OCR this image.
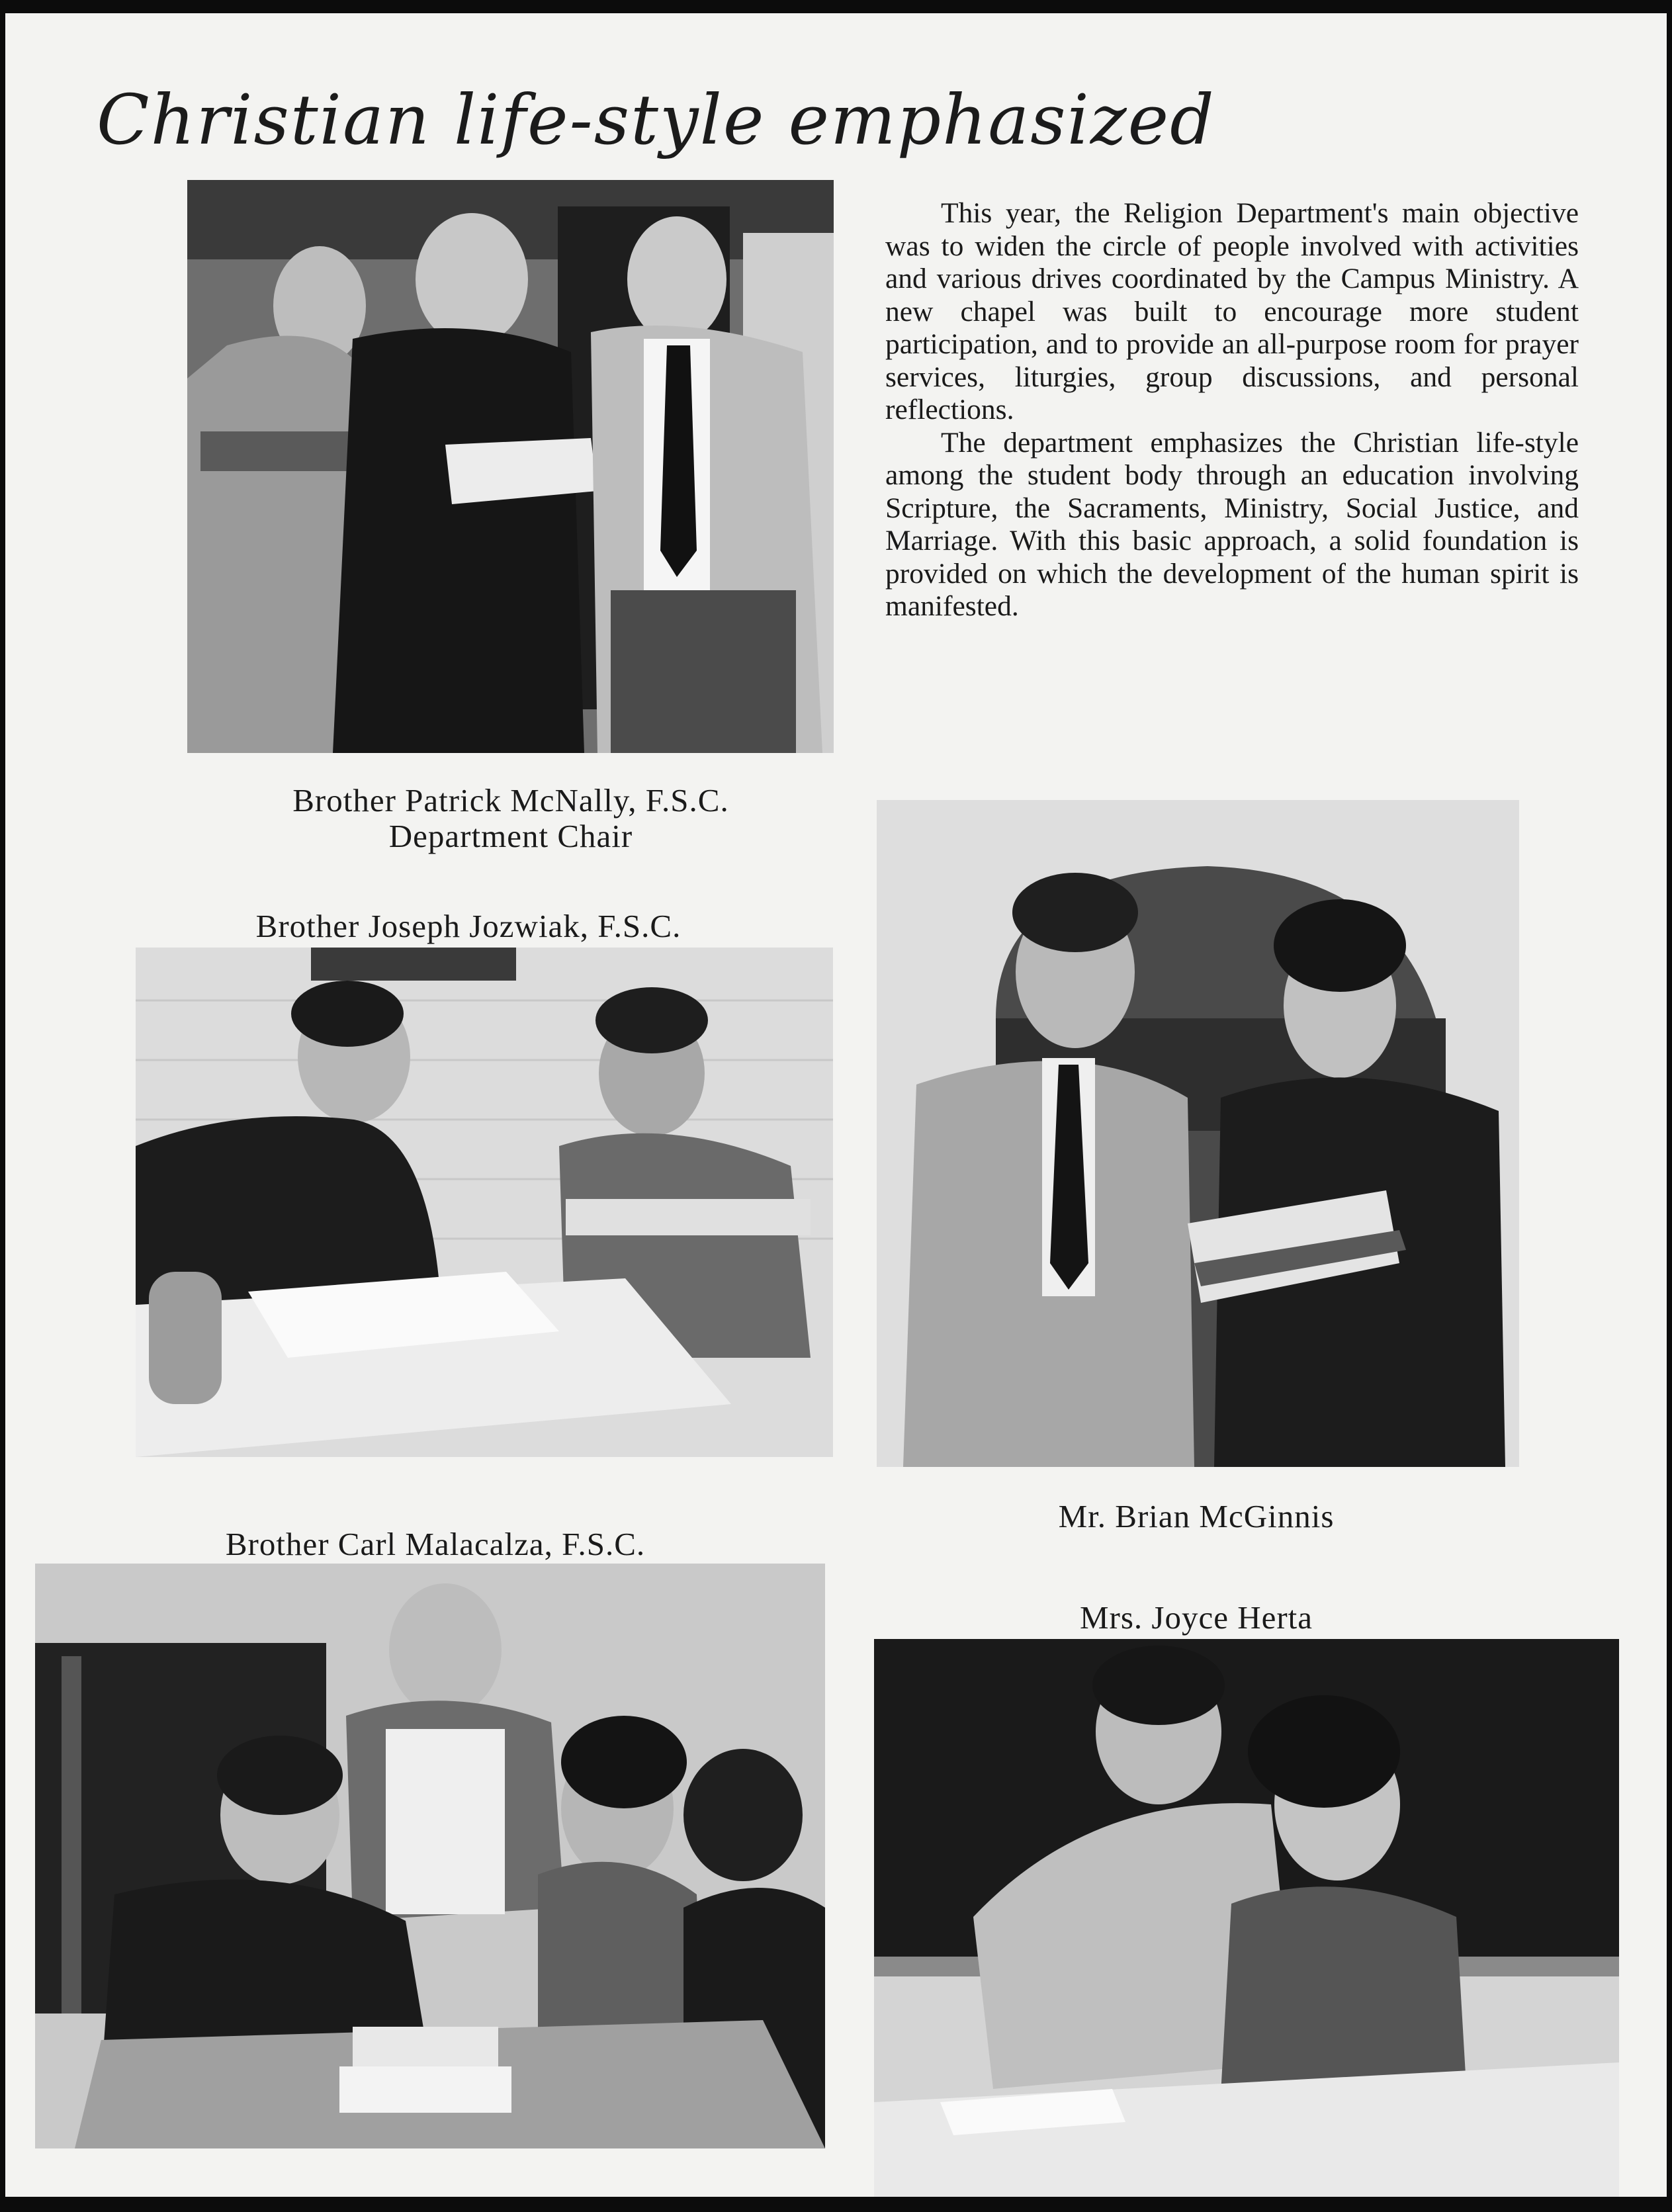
Christian life-style emphasized

This year, the Religion Department's main objective was to widen the circle of people involved with activities and various drives coordinated by the Campus Ministry. A new chapel was built to encourage more student participation, and to provide an all-purpose room for prayer services, liturgies, group discussions, and personal reflections.

The department emphasizes the Christian life-style among the student body through an education involving Scripture, the Sacraments, Ministry, Social Justice, and Marriage. With this basic approach, a solid foundation is provided on which the development of the human spirit is manifested.

Brother Patrick McNally, F.S.C.
Department Chair
Brother Joseph Jozwiak, F.S.C.
Mr. Brian McGinnis
Brother Carl Malacalza, F.S.C.
Mrs. Joyce Herta
